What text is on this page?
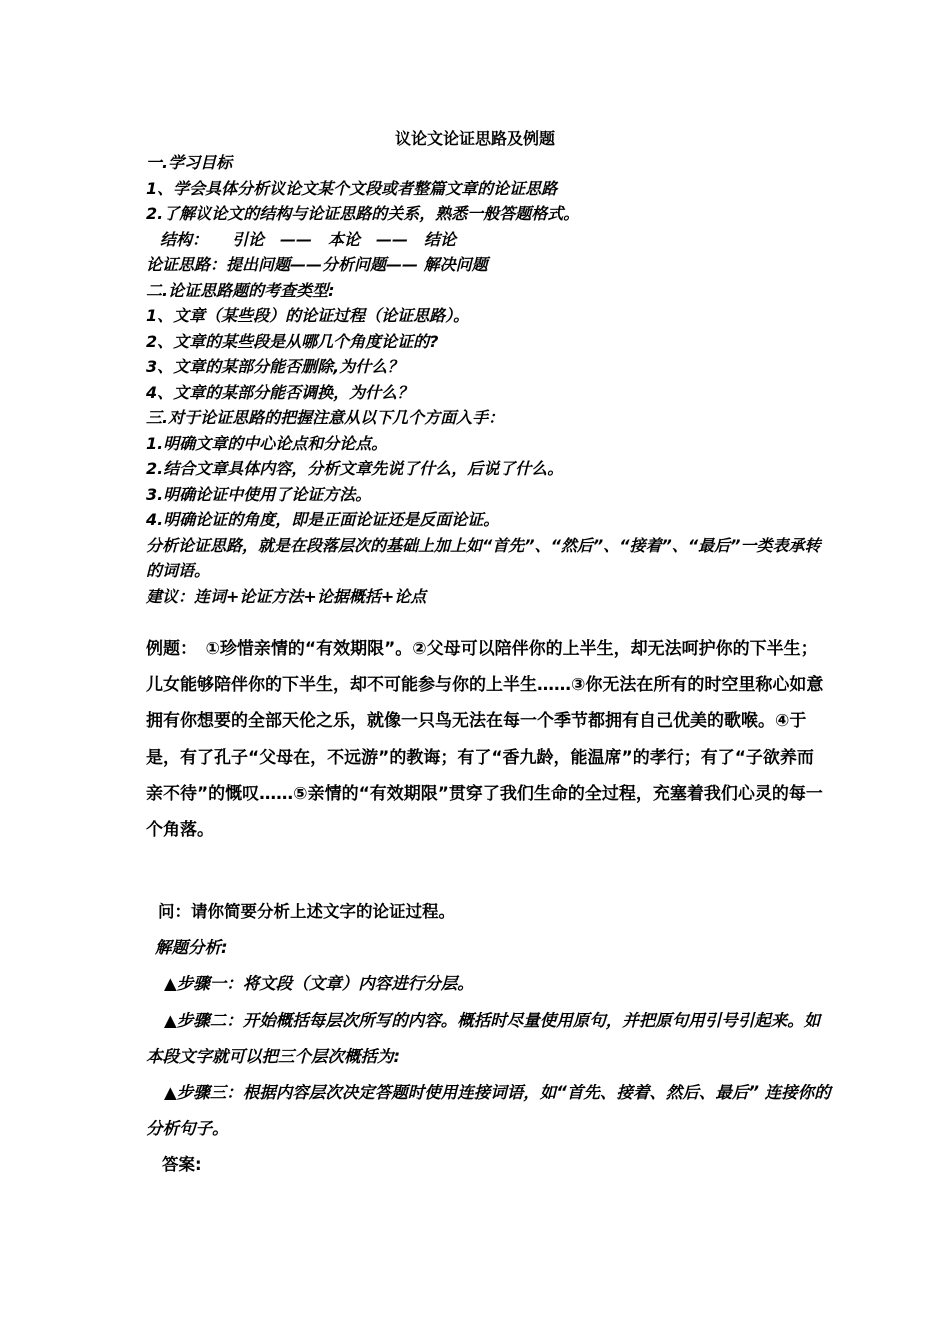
议论文论证思路及例题

一.学习目标

1、学会具体分析议论文某个文段或者整篇文章的论证思路

2.了解议论文的结构与论证思路的关系，熟悉一般答题格式。

结构：　　引论　——　本论　——　结论

论证思路：提出问题——分析问题—— 解决问题

二.论证思路题的考查类型:

1、文章（某些段）的论证过程（论证思路）。

2、文章的某些段是从哪几个角度论证的?

3、文章的某部分能否删除,为什么？

4、文章的某部分能否调换，为什么？

三.对于论证思路的把握注意从以下几个方面入手：

1.明确文章的中心论点和分论点。

2.结合文章具体内容，分析文章先说了什么，后说了什么。

3.明确论证中使用了论证方法。

4.明确论证的角度，即是正面论证还是反面论证。

分析论证思路，就是在段落层次的基础上加上如“首先”、“然后”、“接着”、“最后”一类表承转的词语。

建议：连词+论证方法+论据概括+论点

例题：　①珍惜亲情的“有效期限”。②父母可以陪伴你的上半生，却无法呵护你的下半生；儿女能够陪伴你的下半生，却不可能参与你的上半生……③你无法在所有的时空里称心如意拥有你想要的全部天伦之乐，就像一只鸟无法在每一个季节都拥有自己优美的歌喉。④于是，有了孔子“父母在，不远游”的教诲；有了“香九龄，能温席”的孝行；有了“子欲养而亲不待”的慨叹……⑤亲情的“有效期限”贯穿了我们生命的全过程，充塞着我们心灵的每一个角落。

问：请你简要分析上述文字的论证过程。

解题分析:

▲步骤一：将文段（文章）内容进行分层。

▲步骤二：开始概括每层次所写的内容。概括时尽量使用原句，并把原句用引号引起来。如本段文字就可以把三个层次概括为:

▲步骤三：根据内容层次决定答题时使用连接词语，如“首先、接着、然后、最后” 连接你的分析句子。

答案:
